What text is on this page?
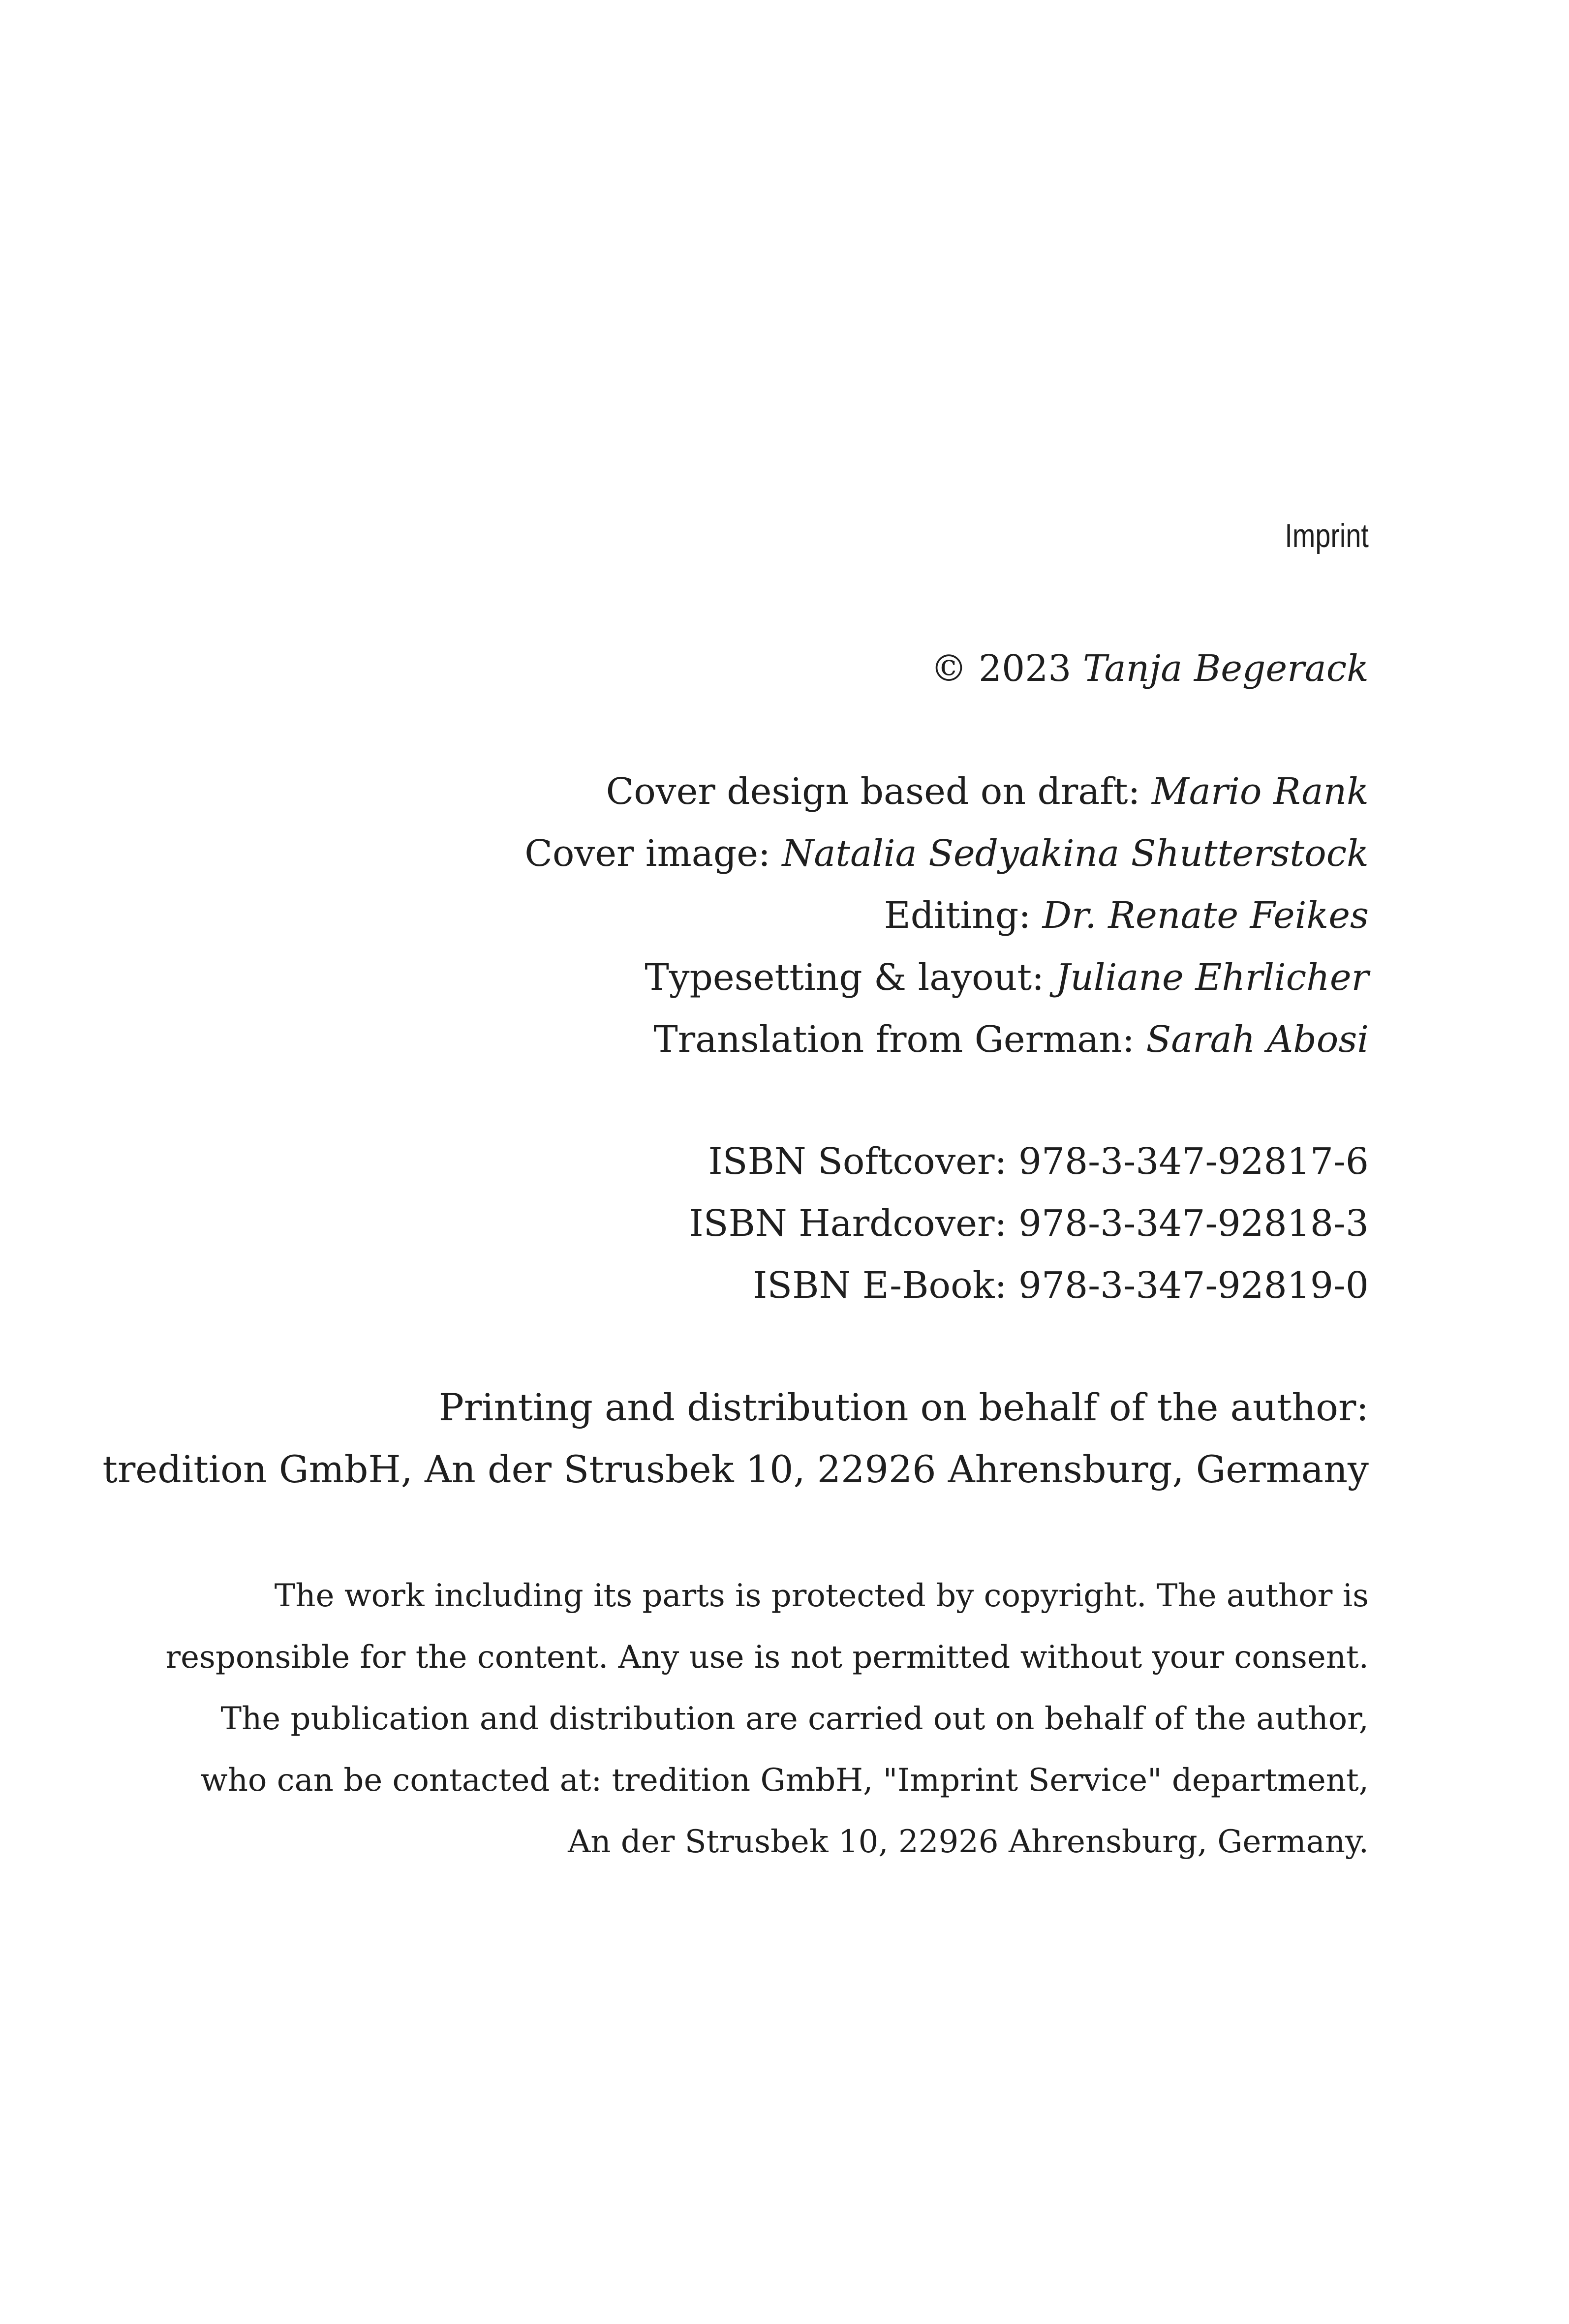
Imprint
© 2023 Tanja Begerack
Cover design based on draft: Mario Rank
Cover image: Natalia Sedyakina Shutterstock
Editing: Dr. Renate Feikes
Typesetting & layout: Juliane Ehrlicher
Translation from German: Sarah Abosi
ISBN Softcover: 978-3-347-92817-6
ISBN Hardcover: 978-3-347-92818-3
ISBN E-Book: 978-3-347-92819-0
Printing and distribution on behalf of the author:
tredition GmbH, An der Strusbek 10, 22926 Ahrensburg, Germany
The work including its parts is protected by copyright. The author is
responsible for the content. Any use is not permitted without your consent.
The publication and distribution are carried out on behalf of the author,
who can be contacted at: tredition GmbH, "Imprint Service" department,
An der Strusbek 10, 22926 Ahrensburg, Germany.
